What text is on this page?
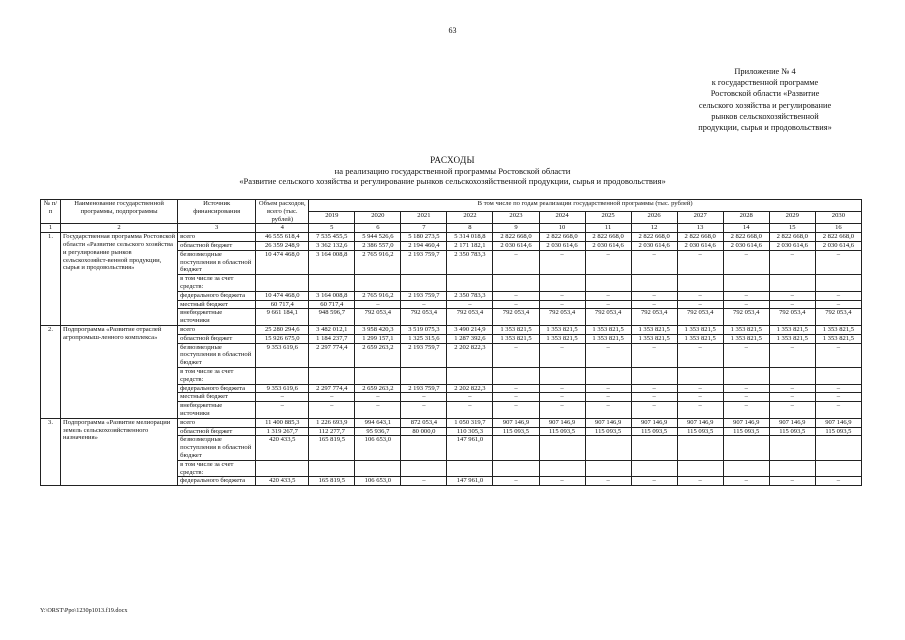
63
Приложение № 4
к государственной программе
Ростовской области «Развитие
сельского хозяйства и регулирование
рынков сельскохозяйственной
продукции, сырья и продовольствия»
РАСХОДЫ
на реализацию государственной программы Ростовской области
«Развитие сельского хозяйства и регулирование рынков сельскохозяйственной продукции, сырья и продовольствия»
№ п/п	Наименование государственной программы, подпрограммы	Источник финансирования	Объем расходов, всего (тыс. рублей)	В том числе по годам реализации государственной программы (тыс. рублей)											
				2019	2020	2021	2022	2023	2024	2025	2026	2027	2028	2029	2030
1	2	3	4	5	6	7	8	9	10	11	12	13	14	15	16
1.	Государственная программа Ростовской области «Развитие сельского хозяйства и регулирование рынков сельскохозяйст-венной продукции, сырья и продовольствия»	всего	46 555 618,4	7 535 455,5	5 944 526,6	5 180 273,5	5 314 018,8	2 822 668,0	2 822 668,0	2 822 668,0	2 822 668,0	2 822 668,0	2 822 668,0	2 822 668,0	2 822 668,0
		областной бюджет	26 359 248,9	3 362 132,6	2 386 557,0	2 194 460,4	2 171 182,1	2 030 614,6	2 030 614,6	2 030 614,6	2 030 614,6	2 030 614,6	2 030 614,6	2 030 614,6	2 030 614,6
		безвозмездные поступления в областной бюджет	10 474 468,0	3 164 008,8	2 765 916,2	2 193 759,7	2 350 783,3	–	–	–	–	–	–	–	–
		в том числе за счет средств:													
		федерального бюджета	10 474 468,0	3 164 008,8	2 765 916,2	2 193 759,7	2 350 783,3	–	–	–	–	–	–	–	–
		местный бюджет	60 717,4	60 717,4	–	–	–	–	–	–	–	–	–	–	–
		внебюджетные источники	9 661 184,1	948 596,7	792 053,4	792 053,4	792 053,4	792 053,4	792 053,4	792 053,4	792 053,4	792 053,4	792 053,4	792 053,4	792 053,4
2.	Подпрограмма «Развитие отраслей агропромыш-ленного комплекса»	всего	25 280 294,6	3 482 012,1	3 958 420,3	3 519 075,3	3 490 214,9	1 353 821,5	1 353 821,5	1 353 821,5	1 353 821,5	1 353 821,5	1 353 821,5	1 353 821,5	1 353 821,5
		областной бюджет	15 926 675,0	1 184 237,7	1 299 157,1	1 325 315,6	1 287 392,6	1 353 821,5	1 353 821,5	1 353 821,5	1 353 821,5	1 353 821,5	1 353 821,5	1 353 821,5	1 353 821,5
		безвозмездные поступления в областной бюджет	9 353 619,6	2 297 774,4	2 659 263,2	2 193 759,7	2 202 822,3	–	–	–	–	–	–	–	–
		в том числе за счет средств:													
		федерального бюджета	9 353 619,6	2 297 774,4	2 659 263,2	2 193 759,7	2 202 822,3	–	–	–	–	–	–	–	–
		местный бюджет	–	–	–	–	–	–	–	–	–	–	–	–	–
		внебюджетные источники	–	–	–	–	–	–	–	–	–	–	–	–	–
3.	Подпрограмма «Развитие мелиорации земель сельскохозяйственного назначения»	всего	11 400 885,3	1 226 693,9	994 643,1	872 053,4	1 050 319,7	907 146,9	907 146,9	907 146,9	907 146,9	907 146,9	907 146,9	907 146,9	907 146,9
		областной бюджет	1 319 267,7	112 277,7	95 936,7	80 000,0	110 305,3	115 093,5	115 093,5	115 093,5	115 093,5	115 093,5	115 093,5	115 093,5	115 093,5
		безвозмездные поступления в областной бюджет	420 433,5	165 819,5	106 653,0		147 961,0								
		в том числе за счет средств:													
		федерального бюджета	420 433,5	165 819,5	106 653,0	–	147 961,0	–	–	–	–	–	–	–	–
Y:\ORST\Ppo\1230p1013.f19.docx
